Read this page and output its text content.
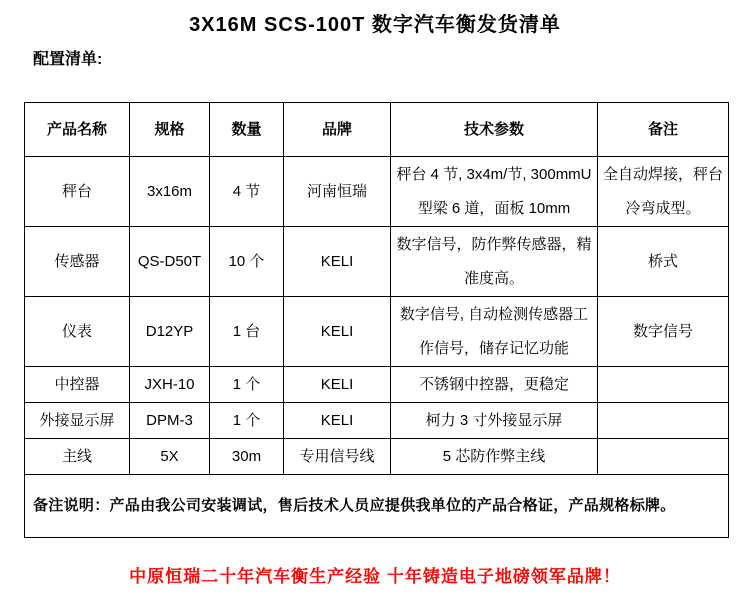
3X16M SCS-100T 数字汽车衡发货清单
配置清单:
产品名称	规格	数量	品牌	技术参数	备注
秤台	3x16m	4 节	河南恒瑞	秤台 4 节, 3x4m/节, 300mmU 型梁 6 道，面板 10mm	全自动焊接，秤台冷弯成型。
传感器	QS-D50T	10 个	KELI	数字信号，防作弊传感器，精准度高。	桥式
仪表	D12YP	1 台	KELI	数字信号, 自动检测传感器工作信号，储存记忆功能	数字信号
中控器	JXH-10	1 个	KELI	不锈钢中控器，更稳定	
外接显示屏	DPM-3	1 个	KELI	柯力 3 寸外接显示屏	
主线	5X	30m	专用信号线	5 芯防作弊主线	
备注说明：产品由我公司安装调试，售后技术人员应提供我单位的产品合格证，产品规格标牌。					
中原恒瑞二十年汽车衡生产经验 十年铸造电子地磅领军品牌！
